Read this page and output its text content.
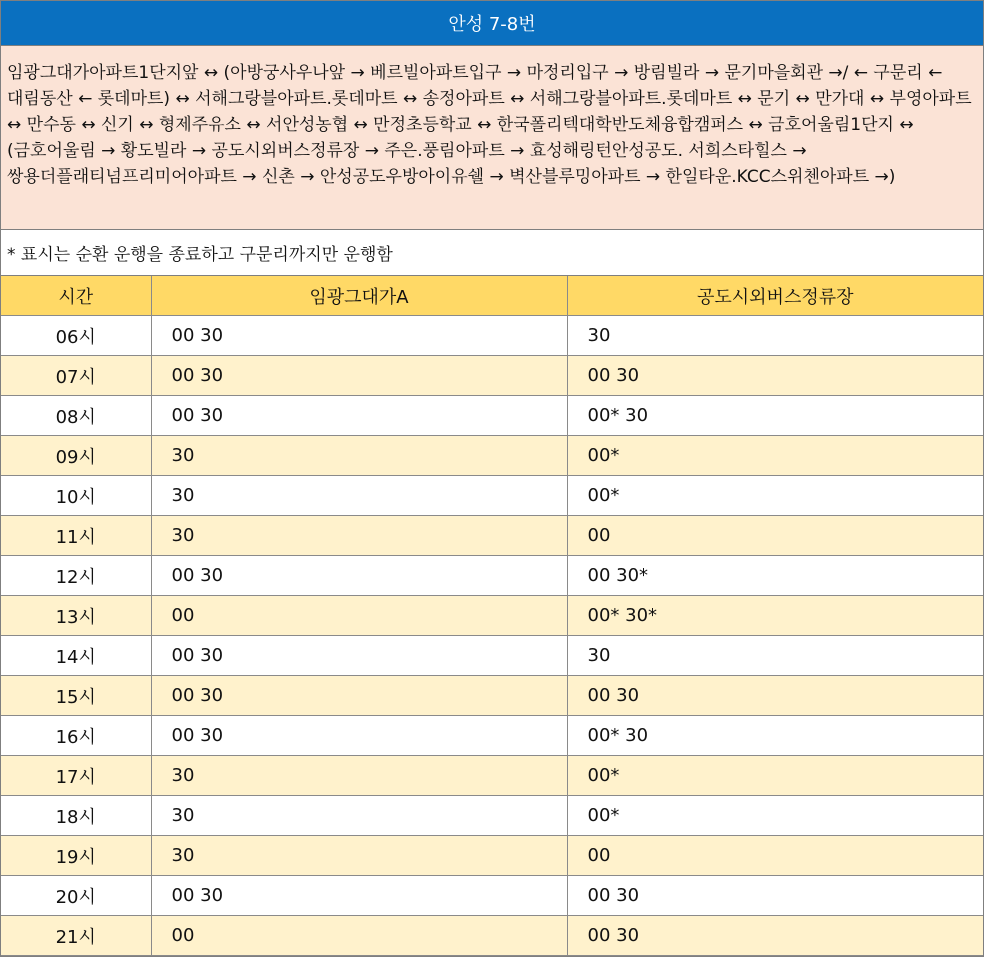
안성 7-8번
임광그대가아파트1단지앞 ↔ (아방궁사우나앞 → 베르빌아파트입구 → 마정리입구 → 방림빌라 → 문기마을회관 →/ ← 구문리 ← 대림동산 ← 롯데마트) ↔ 서해그랑블아파트.롯데마트 ↔ 송정아파트 ↔ 서해그랑블아파트.롯데마트 ↔ 문기 ↔ 만가대 ↔ 부영아파트 ↔ 만수동 ↔ 신기 ↔ 형제주유소 ↔ 서안성농협 ↔ 만정초등학교 ↔ 한국폴리텍대학반도체융합캠퍼스 ↔ 금호어울림1단지 ↔ (금호어울림 → 황도빌라 → 공도시외버스정류장 → 주은.풍림아파트 → 효성해링턴안성공도. 서희스타힐스 → 쌍용더플래티넘프리미어아파트 → 신촌 → 안성공도우방아이유쉘 → 벽산블루밍아파트 → 한일타운.KCC스위첸아파트 →)
* 표시는 순환 운행을 종료하고 구문리까지만 운행함
시간	임광그대가A	공도시외버스정류장
06시	00 30	30
07시	00 30	00 30
08시	00 30	00* 30
09시	30	00*
10시	30	00*
11시	30	00
12시	00 30	00 30*
13시	00	00* 30*
14시	00 30	30
15시	00 30	00 30
16시	00 30	00* 30
17시	30	00*
18시	30	00*
19시	30	00
20시	00 30	00 30
21시	00	00 30
